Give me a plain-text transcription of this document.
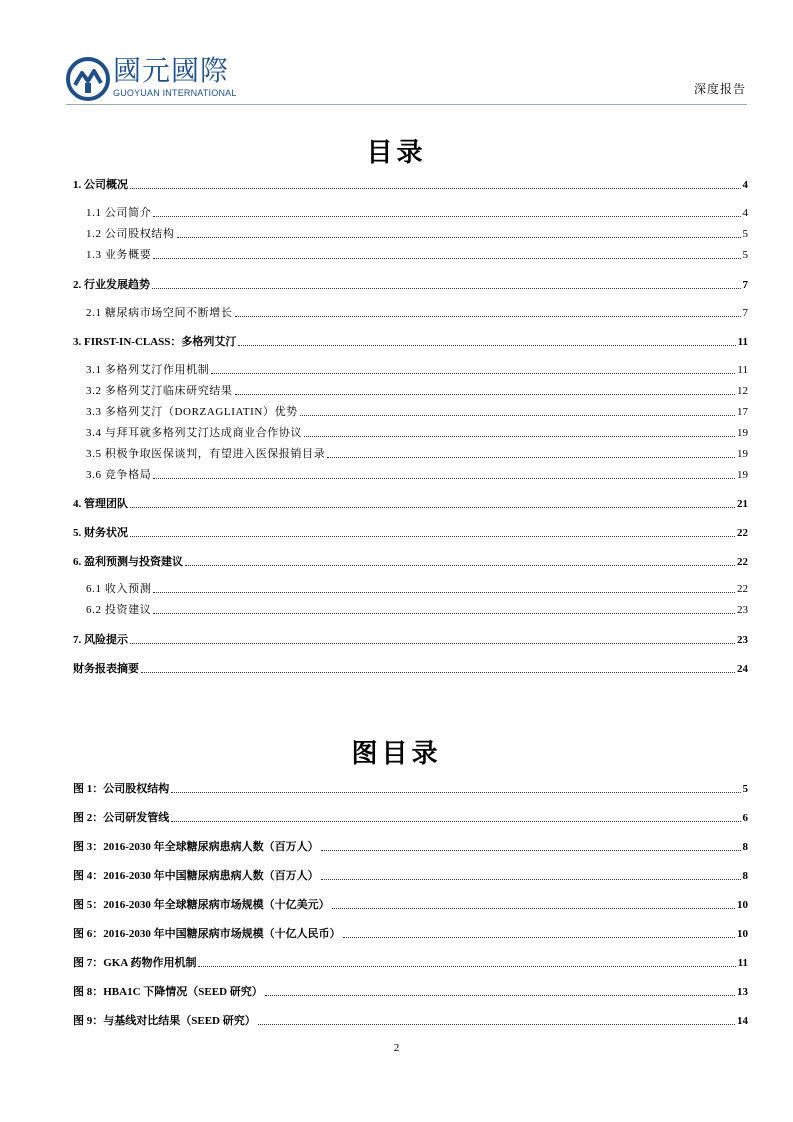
國元國際
GUOYUAN INTERNATIONAL	深度报告
目录
1. 公司概况	4
1.1 公司简介	4
1.2 公司股权结构	5
1.3 业务概要	5
2. 行业发展趋势	7
2.1 糖尿病市场空间不断增长	7
3. FIRST-IN-CLASS：多格列艾汀	11
3.1 多格列艾汀作用机制	11
3.2 多格列艾汀临床研究结果	12
3.3 多格列艾汀（DORZAGLIATIN）优势	17
3.4 与拜耳就多格列艾汀达成商业合作协议	19
3.5 积极争取医保谈判，有望进入医保报销目录	19
3.6 竞争格局	19
4. 管理团队	21
5. 财务状况	22
6. 盈利预测与投资建议	22
6.1 收入预测	22
6.2 投资建议	23
7. 风险提示	23
财务报表摘要	24
图目录
图 1：公司股权结构	5
图 2：公司研发管线	6
图 3：2016-2030 年全球糖尿病患病人数（百万人）	8
图 4：2016-2030 年中国糖尿病患病人数（百万人）	8
图 5：2016-2030 年全球糖尿病市场规模（十亿美元）	10
图 6：2016-2030 年中国糖尿病市场规模（十亿人民币）	10
图 7：GKA 药物作用机制	11
图 8：HBA1C 下降情况（SEED 研究）	13
图 9：与基线对比结果（SEED 研究）	14
2
